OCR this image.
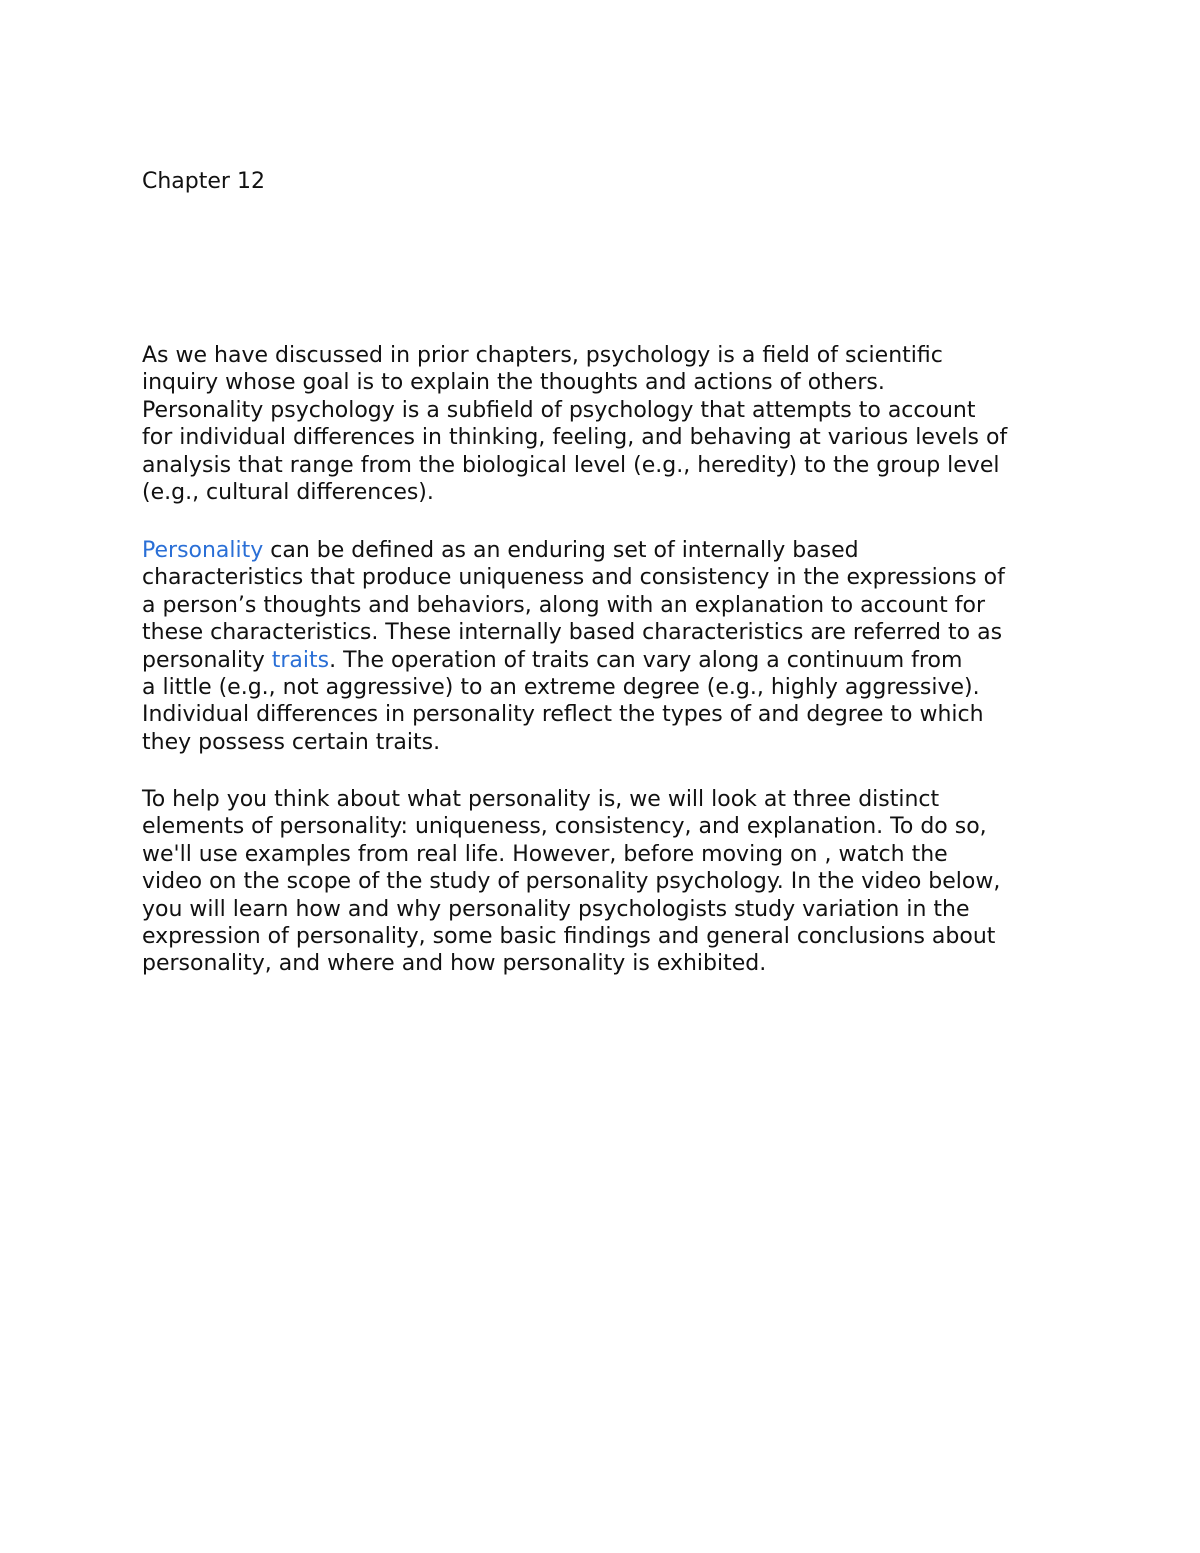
Chapter 12

As we have discussed in prior chapters, psychology is a field of scientific
inquiry whose goal is to explain the thoughts and actions of others.
Personality psychology is a subfield of psychology that attempts to account
for individual differences in thinking, feeling, and behaving at various levels of
analysis that range from the biological level (e.g., heredity) to the group level
(e.g., cultural differences).

Personality can be defined as an enduring set of internally based
characteristics that produce uniqueness and consistency in the expressions of
a person’s thoughts and behaviors, along with an explanation to account for
these characteristics. These internally based characteristics are referred to as
personality traits. The operation of traits can vary along a continuum from
a little (e.g., not aggressive) to an extreme degree (e.g., highly aggressive).
Individual differences in personality reflect the types of and degree to which
they possess certain traits.

To help you think about what personality is, we will look at three distinct
elements of personality: uniqueness, consistency, and explanation. To do so,
we'll use examples from real life. However, before moving on , watch the
video on the scope of the study of personality psychology. In the video below,
you will learn how and why personality psychologists study variation in the
expression of personality, some basic findings and general conclusions about
personality, and where and how personality is exhibited.
